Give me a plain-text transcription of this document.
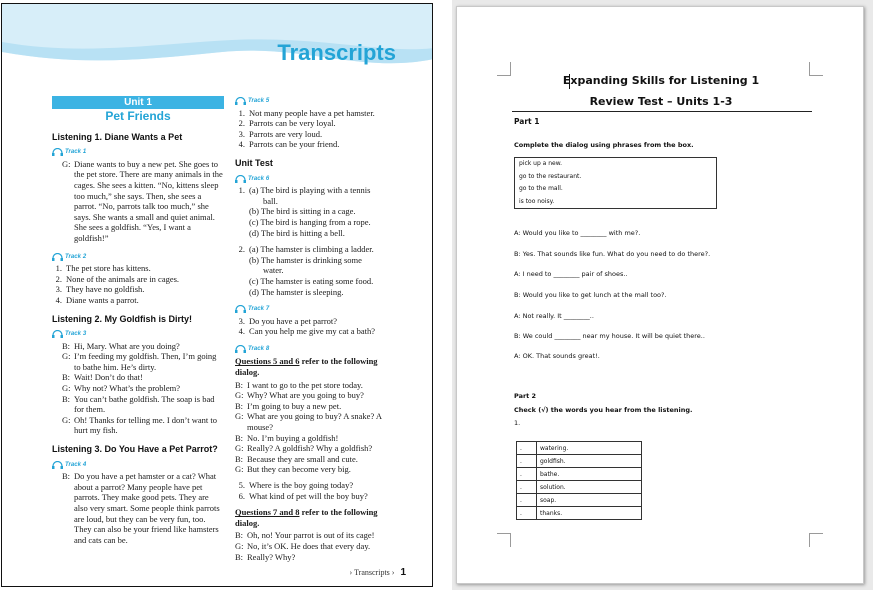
Transcripts
Unit 1
Pet Friends
Listening 1. Diane Wants a Pet
Track 1
G: Diane wants to buy a new pet. She goes to the pet store. There are many animals in the cages. She sees a kitten. “No, kittens sleep too much,” she says. Then, she sees a parrot. “No, parrots talk too much,” she says. She wants a small and quiet animal. She sees a goldfish. “Yes, I want a goldfish!”
Track 2
1. The pet store has kittens.
2. None of the animals are in cages.
3. They have no goldfish.
4. Diane wants a parrot.
Listening 2. My Goldfish is Dirty!
Track 3
B: Hi, Mary. What are you doing?
G: I’m feeding my goldfish. Then, I’m going to bathe him. He’s dirty.
B: Wait! Don’t do that!
G: Why not? What’s the problem?
B: You can’t bathe goldfish. The soap is bad for them.
G: Oh! Thanks for telling me. I don’t want to hurt my fish.
Listening 3. Do You Have a Pet Parrot?
Track 4
B: Do you have a pet hamster or a cat? What about a parrot? Many people have pet parrots. They make good pets. They are also very smart. Some people think parrots are loud, but they can be very fun, too. They can also be your friend like hamsters and cats can be.
Track 5
1. Not many people have a pet hamster.
2. Parrots can be very loyal.
3. Parrots are very loud.
4. Parrots can be your friend.
Unit Test
Track 6
1. (a) The bird is playing with a tennis
ball.
(b) The bird is sitting in a cage.
(c) The bird is hanging from a rope.
(d) The bird is hitting a bell.
2. (a) The hamster is climbing a ladder.
(b) The hamster is drinking some
water.
(c) The hamster is eating some food.
(d) The hamster is sleeping.
Track 7
3. Do you have a pet parrot?
4. Can you help me give my cat a bath?
Track 8
Questions 5 and 6 refer to the following dialog.
B: I want to go to the pet store today.
G: Why? What are you going to buy?
B: I’m going to buy a new pet.
G: What are you going to buy? A snake? A mouse?
B: No. I’m buying a goldfish!
G: Really? A goldfish? Why a goldfish?
B: Because they are small and cute.
G: But they can become very big.
5. Where is the boy going today?
6. What kind of pet will the boy buy?
Questions 7 and 8 refer to the following dialog.
B: Oh, no! Your parrot is out of its cage!
G: No, it’s OK. He does that every day.
B: Really? Why?
› Transcripts › 1
Expanding Skills for Listening 1
Review Test – Units 1-3
Part 1
Complete the dialog using phrases from the box.
pick up a new.
go to the restaurant.
go to the mall.
is too noisy.
A: Would you like to ________ with me?.
B: Yes. That sounds like fun. What do you need to do there?.
A: I need to ________ pair of shoes..
B: Would you like to get lunch at the mall too?.
A: Not really. It ________..
B: We could ________ near my house. It will be quiet there..
A: OK. That sounds great!.
Part 2
Check (√) the words you hear from the listening.
1.
.	watering.
.	goldfish.
.	bathe.
.	solution.
.	soap.
.	thanks.
